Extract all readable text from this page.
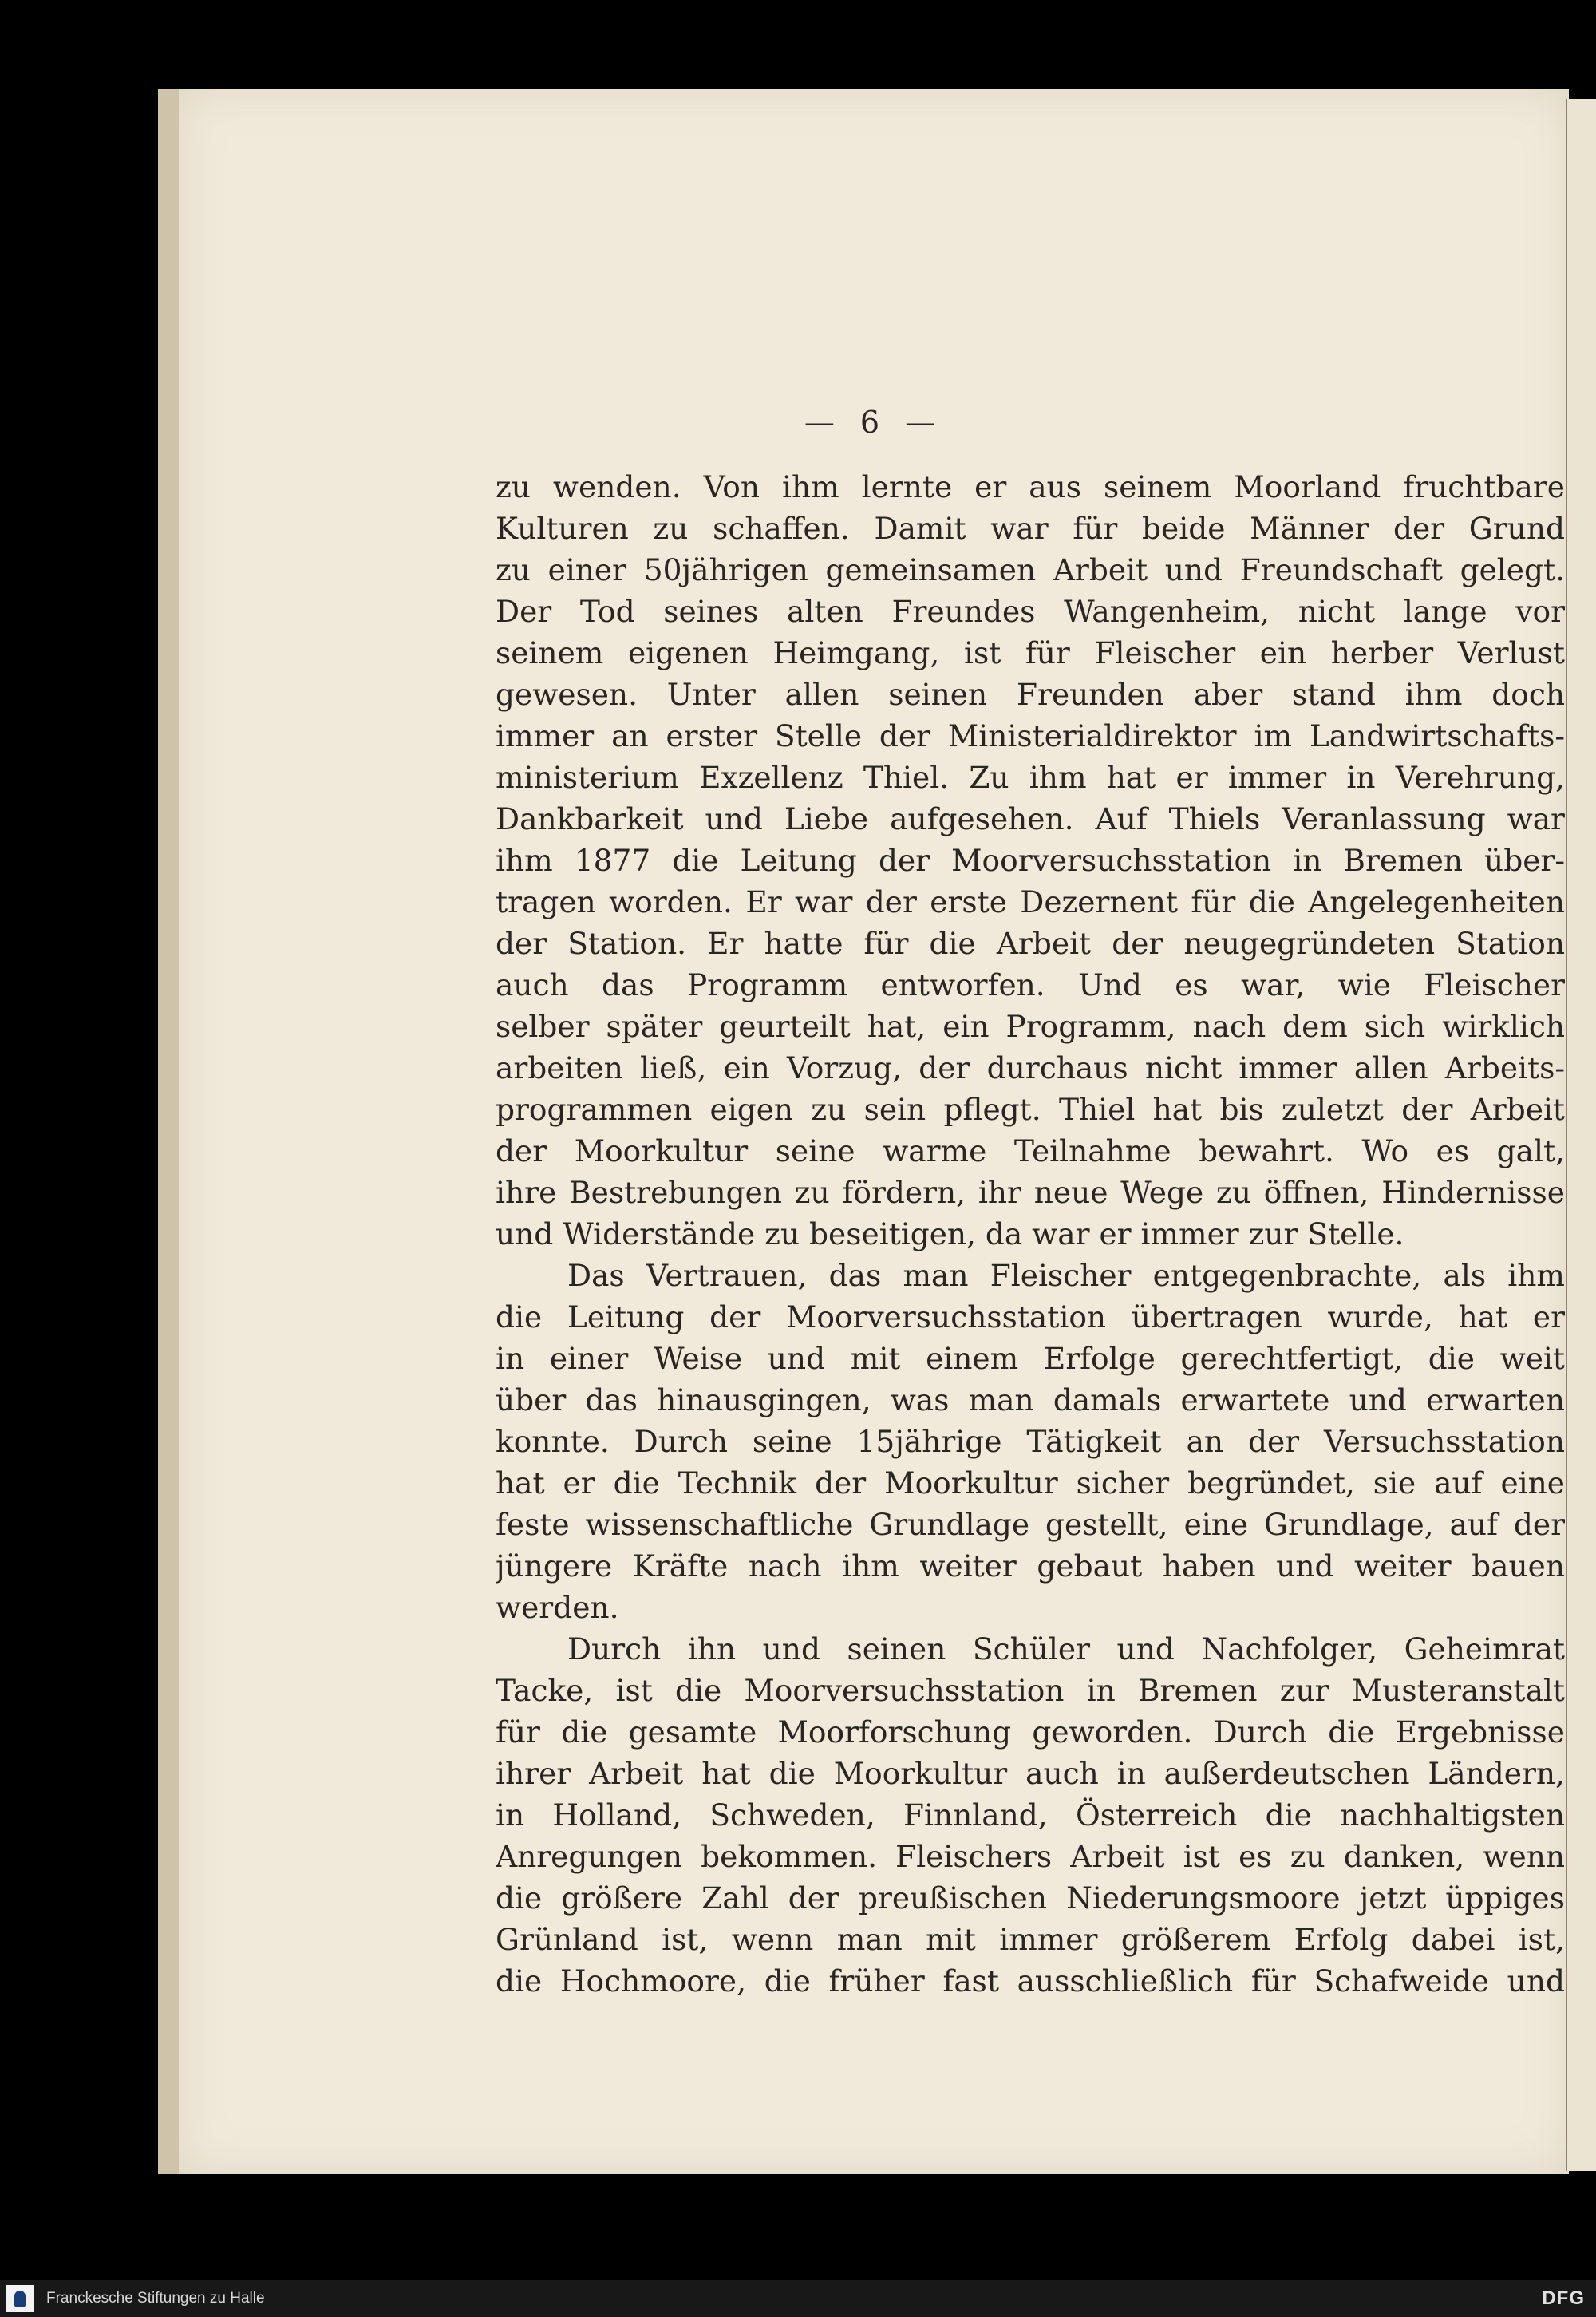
— 6 —
zu wenden. Von ihm lernte er aus seinem Moorland fruchtbare
Kulturen zu schaffen. Damit war für beide Männer der Grund
zu einer 50jährigen gemeinsamen Arbeit und Freundschaft gelegt.
Der Tod seines alten Freundes Wangenheim, nicht lange vor
seinem eigenen Heimgang, ist für Fleischer ein herber Verlust
gewesen. Unter allen seinen Freunden aber stand ihm doch
immer an erster Stelle der Ministerialdirektor im Landwirtschafts-
ministerium Exzellenz Thiel. Zu ihm hat er immer in Verehrung,
Dankbarkeit und Liebe aufgesehen. Auf Thiels Veranlassung war
ihm 1877 die Leitung der Moorversuchsstation in Bremen über-
tragen worden. Er war der erste Dezernent für die Angelegenheiten
der Station. Er hatte für die Arbeit der neugegründeten Station
auch das Programm entworfen. Und es war, wie Fleischer
selber später geurteilt hat, ein Programm, nach dem sich wirklich
arbeiten ließ, ein Vorzug, der durchaus nicht immer allen Arbeits-
programmen eigen zu sein pflegt. Thiel hat bis zuletzt der Arbeit
der Moorkultur seine warme Teilnahme bewahrt. Wo es galt,
ihre Bestrebungen zu fördern, ihr neue Wege zu öffnen, Hindernisse
und Widerstände zu beseitigen, da war er immer zur Stelle.
Das Vertrauen, das man Fleischer entgegenbrachte, als ihm
die Leitung der Moorversuchsstation übertragen wurde, hat er
in einer Weise und mit einem Erfolge gerechtfertigt, die weit
über das hinausgingen, was man damals erwartete und erwarten
konnte. Durch seine 15jährige Tätigkeit an der Versuchsstation
hat er die Technik der Moorkultur sicher begründet, sie auf eine
feste wissenschaftliche Grundlage gestellt, eine Grundlage, auf der
jüngere Kräfte nach ihm weiter gebaut haben und weiter bauen
werden.
Durch ihn und seinen Schüler und Nachfolger, Geheimrat
Tacke, ist die Moorversuchsstation in Bremen zur Musteranstalt
für die gesamte Moorforschung geworden. Durch die Ergebnisse
ihrer Arbeit hat die Moorkultur auch in außerdeutschen Ländern,
in Holland, Schweden, Finnland, Österreich die nachhaltigsten
Anregungen bekommen. Fleischers Arbeit ist es zu danken, wenn
die größere Zahl der preußischen Niederungsmoore jetzt üppiges
Grünland ist, wenn man mit immer größerem Erfolg dabei ist,
die Hochmoore, die früher fast ausschließlich für Schafweide und
Franckesche Stiftungen zu Halle	DFG
